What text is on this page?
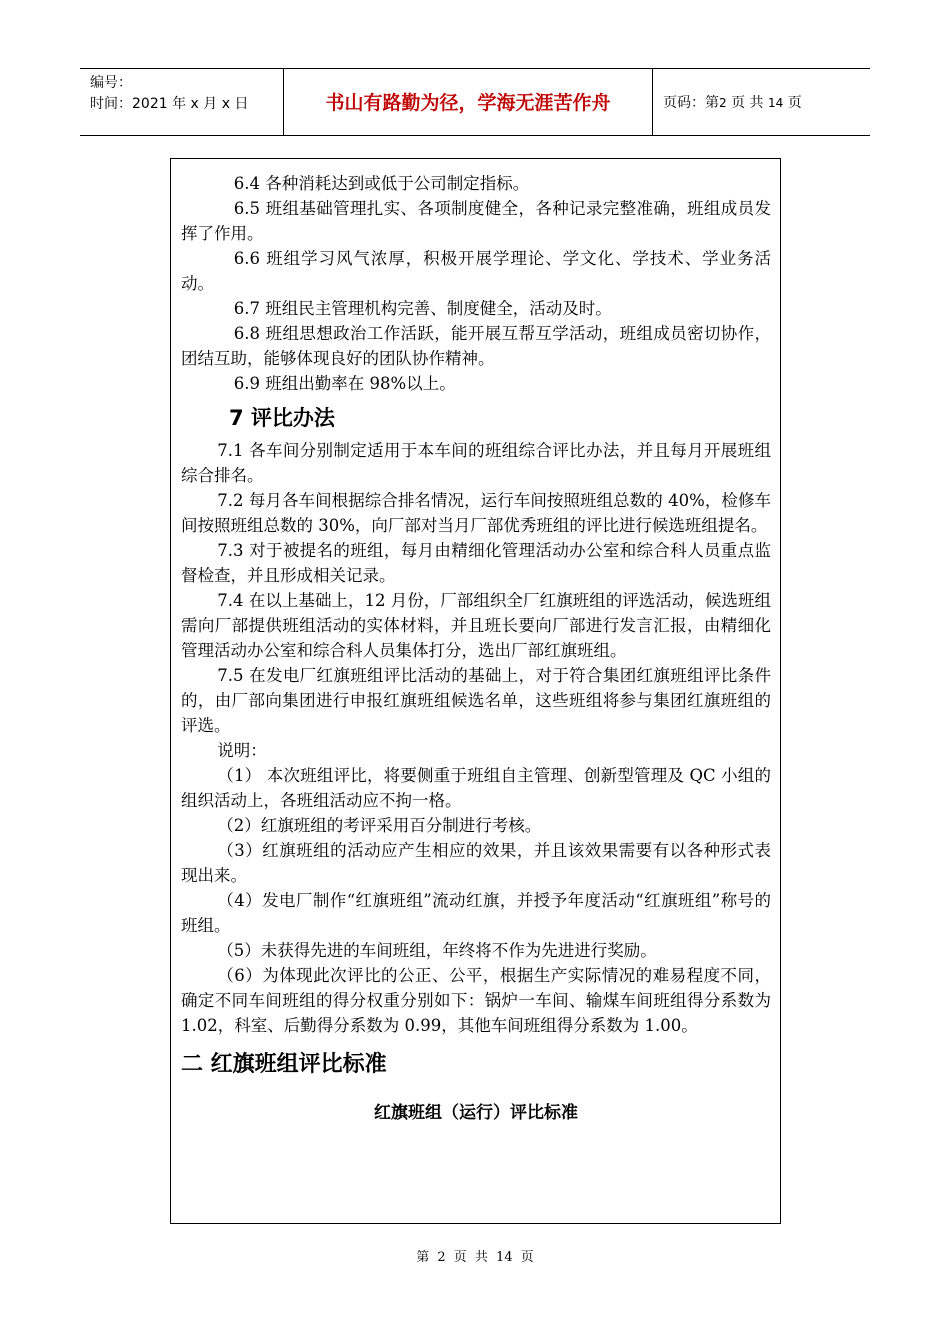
编号：
时间：2021 年 x 月 x 日	书山有路勤为径，学海无涯苦作舟	页码：第2 页 共 14 页

6.4 各种消耗达到或低于公司制定指标。

6.5 班组基础管理扎实、各项制度健全，各种记录完整准确，班组成员发挥了作用。

6.6 班组学习风气浓厚，积极开展学理论、学文化、学技术、学业务活动。

6.7 班组民主管理机构完善、制度健全，活动及时。

6.8 班组思想政治工作活跃，能开展互帮互学活动，班组成员密切协作，团结互助，能够体现良好的团队协作精神。

6.9 班组出勤率在 98%以上。

7 评比办法

7.1 各车间分别制定适用于本车间的班组综合评比办法，并且每月开展班组综合排名。

7.2 每月各车间根据综合排名情况，运行车间按照班组总数的 40%，检修车间按照班组总数的 30%，向厂部对当月厂部优秀班组的评比进行候选班组提名。

7.3 对于被提名的班组，每月由精细化管理活动办公室和综合科人员重点监督检查，并且形成相关记录。

7.4 在以上基础上，12 月份，厂部组织全厂红旗班组的评选活动，候选班组需向厂部提供班组活动的实体材料，并且班长要向厂部进行发言汇报，由精细化管理活动办公室和综合科人员集体打分，选出厂部红旗班组。

7.5 在发电厂红旗班组评比活动的基础上，对于符合集团红旗班组评比条件的，由厂部向集团进行申报红旗班组候选名单，这些班组将参与集团红旗班组的评选。

说明：

（1） 本次班组评比，将要侧重于班组自主管理、创新型管理及 QC 小组的组织活动上，各班组活动应不拘一格。

（2）红旗班组的考评采用百分制进行考核。

（3）红旗班组的活动应产生相应的效果，并且该效果需要有以各种形式表现出来。

（4）发电厂制作“红旗班组”流动红旗，并授予年度活动“红旗班组”称号的班组。

（5）未获得先进的车间班组，年终将不作为先进进行奖励。

（6）为体现此次评比的公正、公平，根据生产实际情况的难易程度不同，确定不同车间班组的得分权重分别如下：锅炉一车间、输煤车间班组得分系数为 1.02，科室、后勤得分系数为 0.99，其他车间班组得分系数为 1.00。

二 红旗班组评比标准
红旗班组（运行）评比标准
第 2 页 共 14 页
